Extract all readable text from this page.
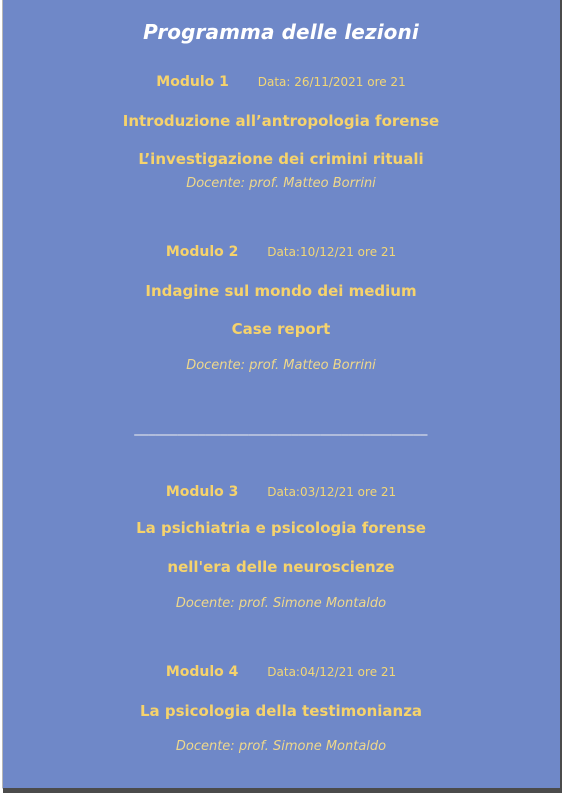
Programma delle lezioni
Modulo 1 Data: 26/11/2021 ore 21
Introduzione all’antropologia forense
L’investigazione dei crimini rituali
Docente: prof. Matteo Borrini
Modulo 2 Data:10/12/21 ore 21
Indagine sul mondo dei medium
Case report
Docente: prof. Matteo Borrini
_________________________________________
Modulo 3 Data:03/12/21 ore 21
La psichiatria e psicologia forense
nell'era delle neuroscienze
Docente: prof. Simone Montaldo
Modulo 4 Data:04/12/21 ore 21
La psicologia della testimonianza
Docente: prof. Simone Montaldo
